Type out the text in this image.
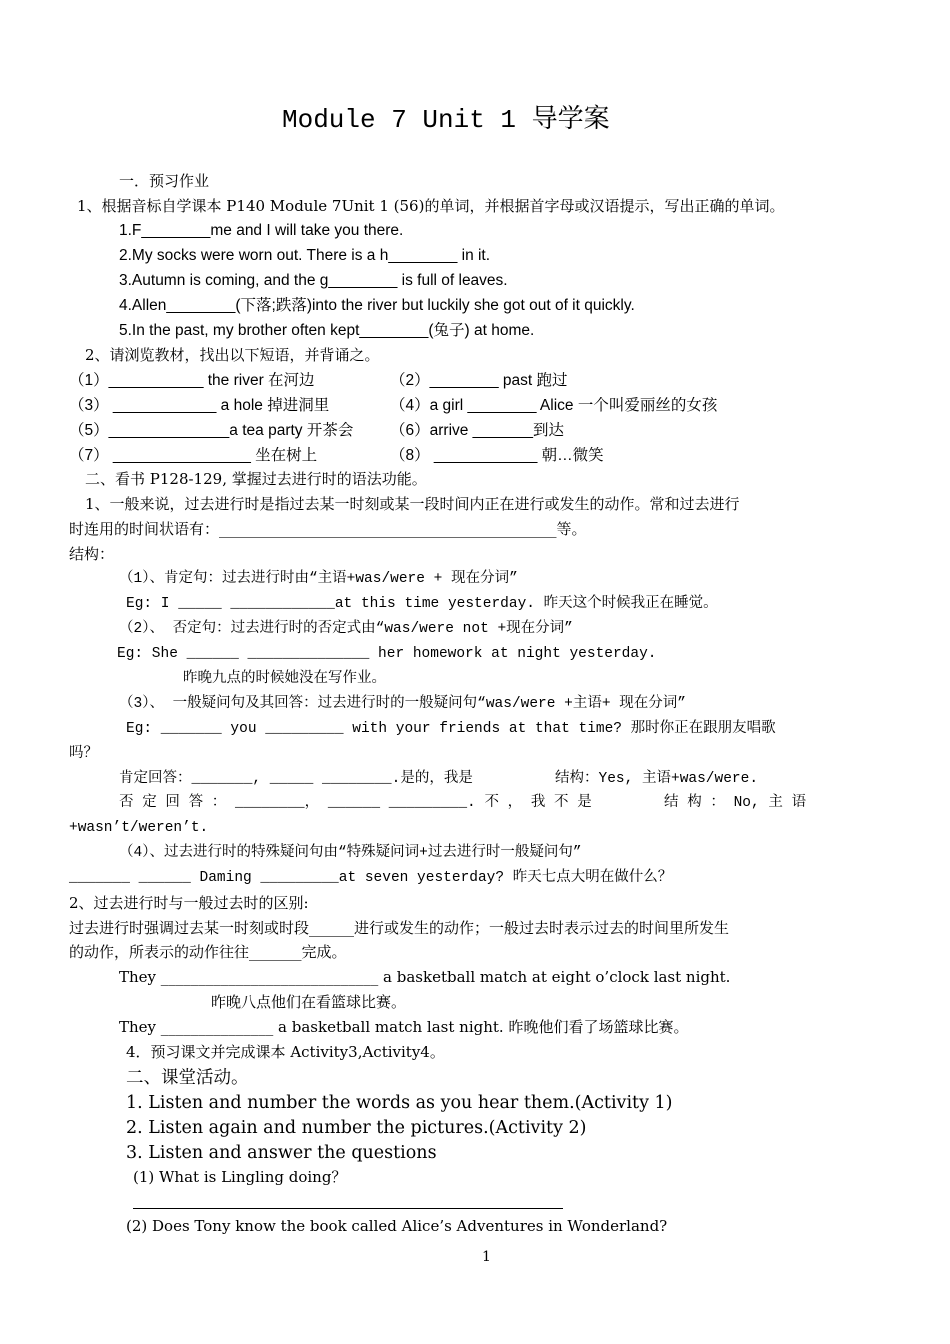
Module 7 Unit 1 导学案
一．预习作业
1、根据音标自学课本 P140 Module 7Unit 1 (56)的单词，并根据首字母或汉语提示，写出正确的单词。
1.F________me and I will take you there.
2.My socks were worn out. There is a h________ in it.
3.Autumn is coming, and the g________ is full of leaves.
4.Allen________(下落;跌落)into the river but luckily she got out of it quickly.
5.In the past, my brother often kept________(兔子) at home.
2、请浏览教材，找出以下短语，并背诵之。
（1）___________ the river 在河边	（2）________ past 跑过
（3） ____________ a hole 掉进洞里	（4）a girl ________ Alice 一个叫爱丽丝的女孩
（5）______________a tea party 开茶会 （6）arrive _______到达
（7） ________________ 坐在树上	（8） ____________ 朝…微笑
二、看书 P128-129, 掌握过去进行时的语法功能。
1、一般来说，过去进行时是指过去某一时刻或某一段时间内正在进行或发生的动作。常和过去进行
时连用的时间状语有：_____________________________________________等。
结构：
（1）、肯定句：过去进行时由“主语+was/were + 现在分词”
Eg: I _____ ____________at this time yesterday. 昨天这个时候我正在睡觉。
（2）、 否定句：过去进行时的否定式由“was/were not +现在分词”
Eg: She ______ ______________ her homework at night yesterday.
昨晚九点的时候她没在写作业。
（3）、 一般疑问句及其回答：过去进行时的一般疑问句“was/were +主语+ 现在分词”
Eg: _______ you _________ with your friends at that time? 那时你正在跟朋友唱歌
吗？
肯定回答：_______, _____ ________.是的，我是	结构：Yes, 主语+was/were.
否 定 回 答 ： ________， ______ _________. 不 ， 我 不 是	结 构 ： No, 主 语
+wasn’t/weren’t.
（4）、过去进行时的特殊疑问句由“特殊疑问词+过去进行时一般疑问句”
_______ ______ Daming _________at seven yesterday? 昨天七点大明在做什么？
2、过去进行时与一般过去时的区别:
过去进行时强调过去某一时刻或时段______进行或发生的动作；一般过去时表示过去的时间里所发生
的动作，所表示的动作往往_______完成。
They _____________________________ a basketball match at eight o’clock last night.
昨晚八点他们在看篮球比赛。
They _______________ a basketball match last night. 昨晚他们看了场篮球比赛。
4．预习课文并完成课本 Activity3,Activity4。
二、课堂活动。
1. Listen and number the words as you hear them.(Activity 1)
2. Listen again and number the pictures.(Activity 2)
3. Listen and answer the questions
(1) What is Lingling doing？
(2) Does Tony know the book called Alice’s Adventures in Wonderland?
1
